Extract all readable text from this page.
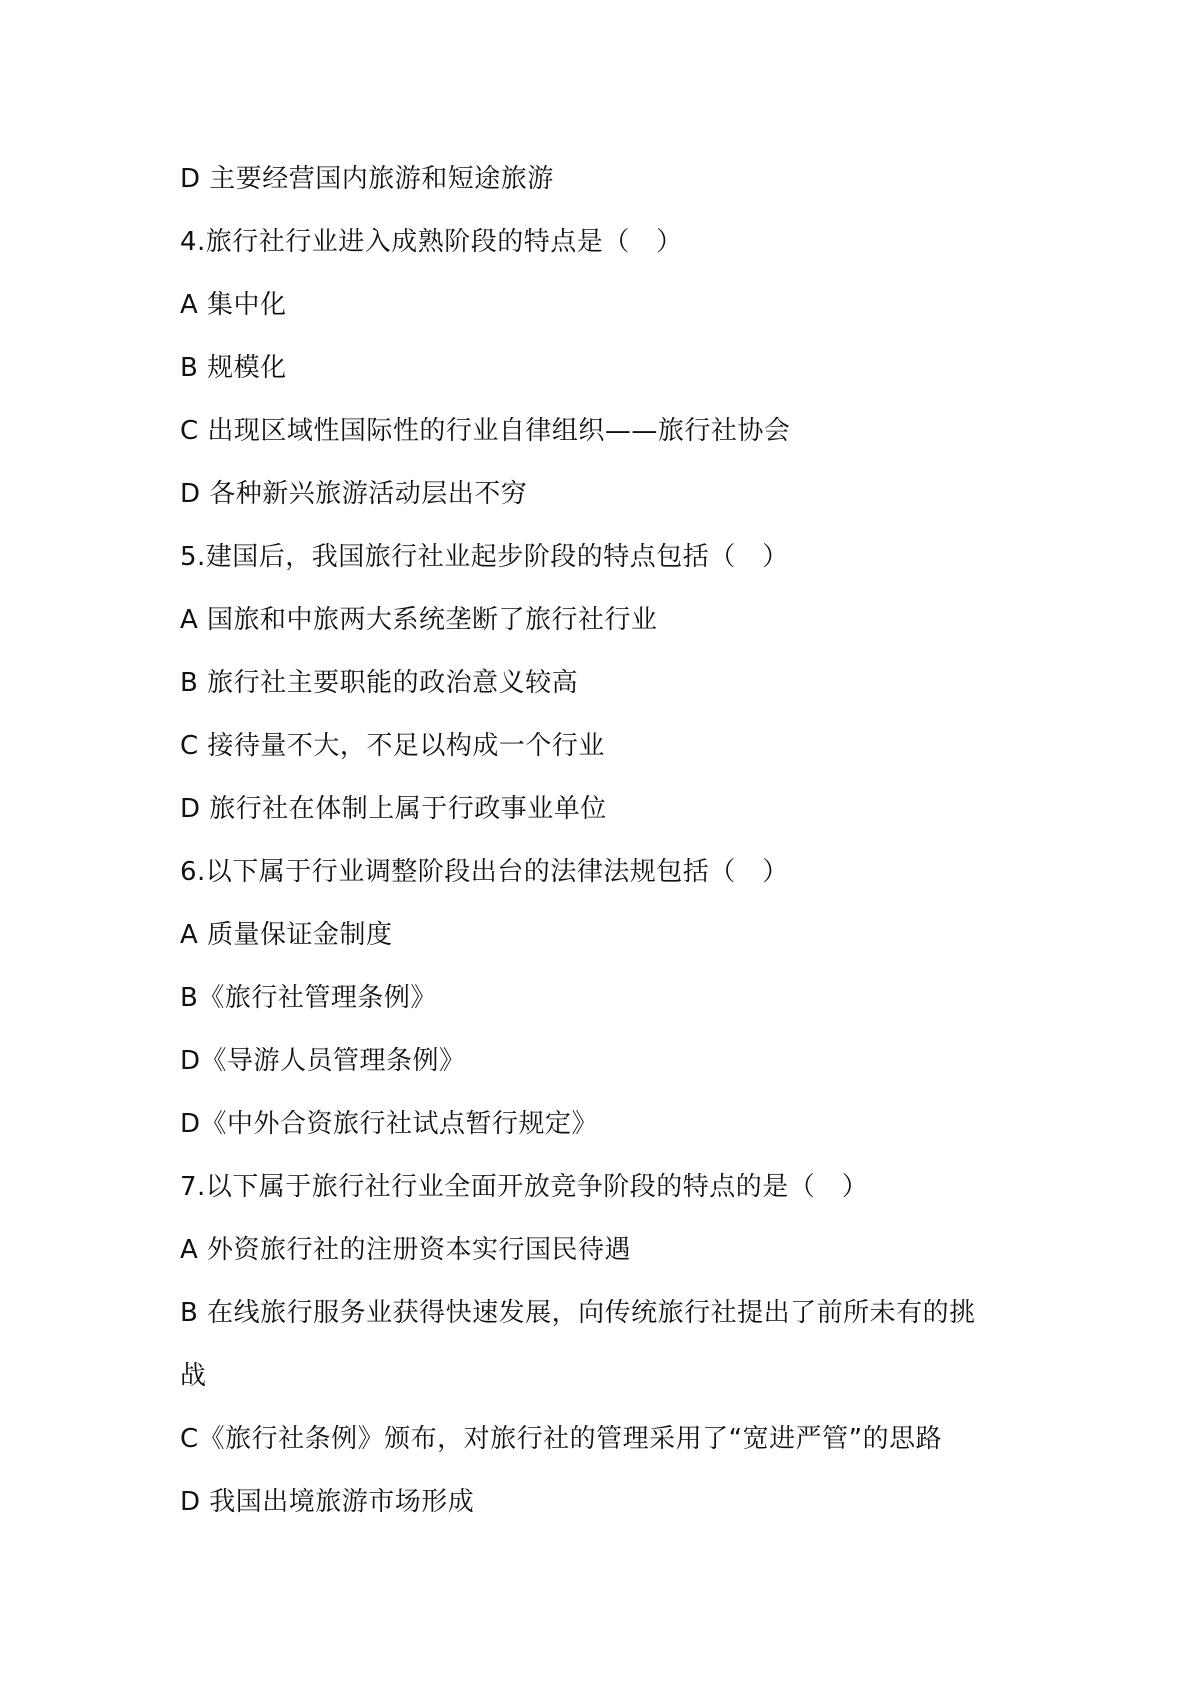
D 主要经营国内旅游和短途旅游
4.旅行社行业进入成熟阶段的特点是（　）
A 集中化
B 规模化
C 出现区域性国际性的行业自律组织——旅行社协会
D 各种新兴旅游活动层出不穷
5.建国后，我国旅行社业起步阶段的特点包括（　）
A 国旅和中旅两大系统垄断了旅行社行业
B 旅行社主要职能的政治意义较高
C 接待量不大，不足以构成一个行业
D 旅行社在体制上属于行政事业单位
6.以下属于行业调整阶段出台的法律法规包括（　）
A 质量保证金制度
B《旅行社管理条例》
D《导游人员管理条例》
D《中外合资旅行社试点暂行规定》
7.以下属于旅行社行业全面开放竞争阶段的特点的是（　）
A 外资旅行社的注册资本实行国民待遇
B 在线旅行服务业获得快速发展，向传统旅行社提出了前所未有的挑
战
C《旅行社条例》颁布，对旅行社的管理采用了“宽进严管”的思路
D 我国出境旅游市场形成
